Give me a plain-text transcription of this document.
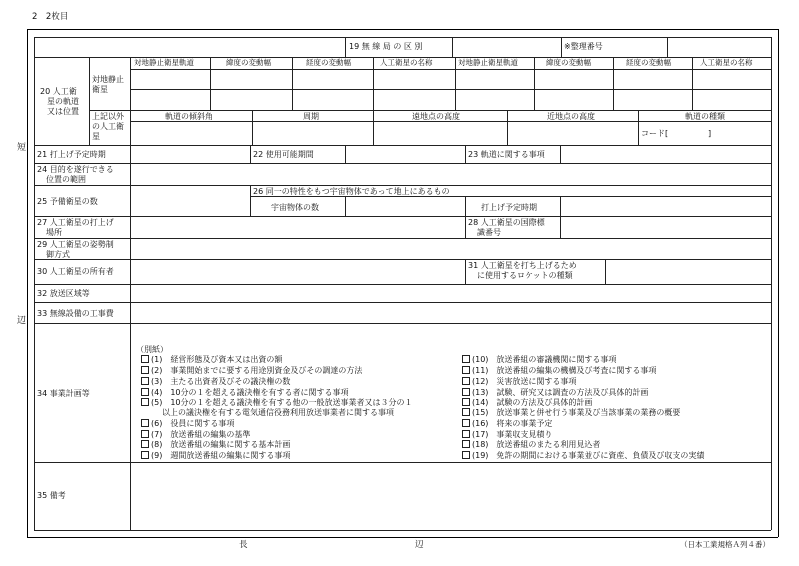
2　2枚目
短
辺
19 無 線 局 の 区 別	※整理番号
20 人工衛
星の軌道
又は位置
対地静止
衛星
上記以外
の人工衛
星
対地静止衛星軌道	緯度の変動幅	経度の変動幅	人工衛星の名称	対地静止衛星軌道	緯度の変動幅	経度の変動幅	人工衛星の名称
軌道の傾斜角	周期	遠地点の高度	近地点の高度	軌道の種類
コード[	]
21 打上げ予定時期	22 使用可能期間	23 軌道に関する事項
24 目的を遂行できる
位置の範囲
25 予備衛星の数
26 同一の特性をもつ宇宙物体であって地上にあるもの
宇宙物体の数	打上げ予定時期
27 人工衛星の打上げ
場所
28 人工衛星の国際標
識番号
29 人工衛星の姿勢制
御方式
30 人工衛星の所有者
31 人工衛星を打ち上げるため
に使用するロケットの種類
32 放送区域等
33 無線設備の工事費
34 事業計画等
（別紙）
(1)　経営形態及び資本又は出資の額
(2)　事業開始までに要する用途別資金及びその調達の方法
(3)　主たる出資者及びその議決権の数
(4)　10分の１を超える議決権を有する者に関する事項
(5)　10分の１を超える議決権を有する他の一般放送事業者又は３分の１
以上の議決権を有する電気通信役務利用放送事業者に関する事項
(6)　役員に関する事項
(7)　放送番組の編集の基準
(8)　放送番組の編集に関する基本計画
(9)　週間放送番組の編集に関する事項
(10)　放送番組の審議機関に関する事項
(11)　放送番組の編集の機構及び考査に関する事項
(12)　災害放送に関する事項
(13)　試験、研究又は調査の方法及び具体的計画
(14)　試験の方法及び具体的計画
(15)　放送事業と併せ行う事業及び当該事業の業務の概要
(16)　将来の事業予定
(17)　事業収支見積り
(18)　放送番組のまたる利用見込者
(19)　免許の期間における事業並びに資産、負債及び収支の実績
35 備考
長	辺	（日本工業規格Ａ列４番）
